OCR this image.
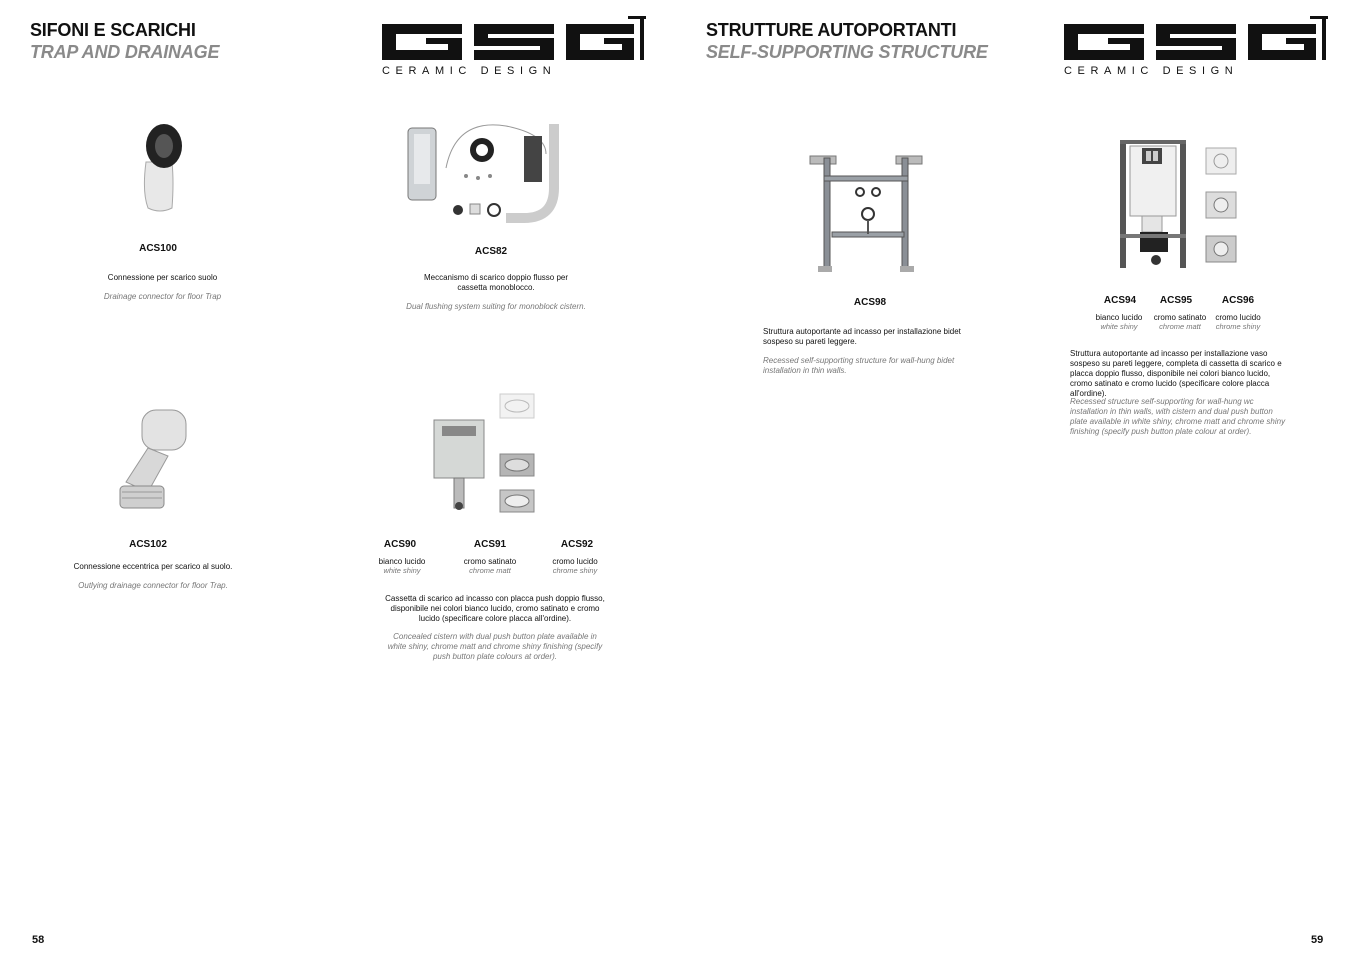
SIFONI E SCARICHI
TRAP AND DRAINAGE
CERAMIC DESIGN
ACS100
Connessione per scarico suolo
Drainage connector for floor Trap
ACS82
Meccanismo di scarico doppio flusso per cassetta monoblocco.
Dual flushing system suiting for monoblock cistern.
ACS102
Connessione eccentrica per scarico al suolo.
Outlying drainage connector for floor Trap.
ACS90	ACS91	ACS92
bianco lucido	cromo satinato	cromo lucido
white shiny	chrome matt	chrome shiny
Cassetta di scarico ad incasso con placca push doppio flusso, disponibile nei colori bianco lucido, cromo satinato e cromo lucido (specificare colore placca all'ordine).
Concealed cistern with dual push button plate available in white shiny, chrome matt and chrome shiny finishing (specify push button plate colours at order).
58
STRUTTURE AUTOPORTANTI
SELF-SUPPORTING STRUCTURE
CERAMIC DESIGN
ACS98
Struttura autoportante ad incasso per installazione bidet sospeso su pareti leggere.
Recessed self-supporting structure for wall-hung bidet installation in thin walls.
ACS94	ACS95	ACS96
bianco lucido	cromo satinato	cromo lucido
white shiny	chrome matt	chrome shiny
Struttura autoportante ad incasso per installazione vaso sospeso su pareti leggere, completa di cassetta di scarico e placca doppio flusso, disponibile nei colori bianco lucido, cromo satinato e cromo lucido (specificare colore placca all'ordine).
Recessed structure self-supporting for wall-hung wc installation in thin walls, with cistern and dual push button plate available in white shiny, chrome matt and chrome shiny finishing (specify push button plate colour at order).
59
